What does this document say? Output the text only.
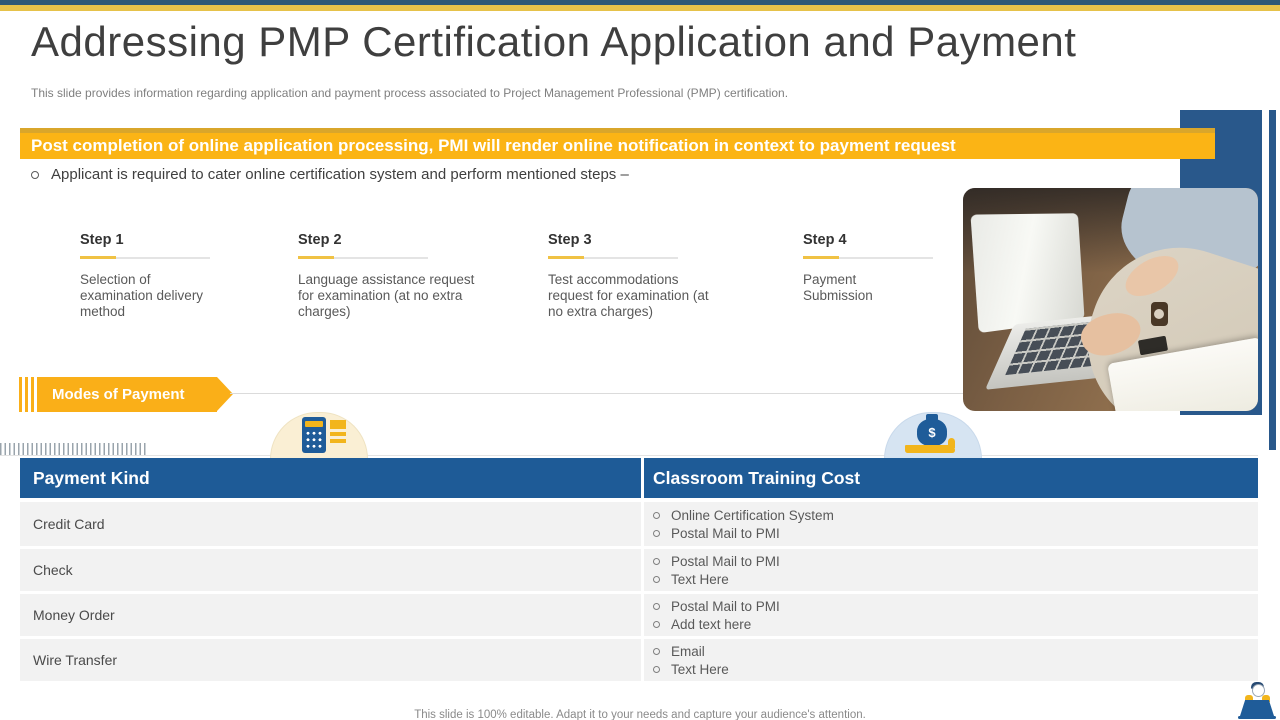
Addressing PMP Certification Application and Payment

This slide provides information regarding application and payment process associated to Project Management Professional (PMP) certification.

Post completion of online application processing, PMI will render online notification in context to payment request
Applicant is required to cater online certification system and perform mentioned steps –
Step 1
Selection of examination delivery method
Step 2
Language assistance request for examination (at no extra charges)
Step 3
Test accommodations request for examination (at no extra charges)
Step 4
Payment Submission
Modes of Payment
$
Payment Kind	Classroom Training Cost
Credit Card
Online Certification System
Postal Mail to PMI
Check
Postal Mail to PMI
Text Here
Money Order
Postal Mail to PMI
Add text here
Wire Transfer
Email
Text Here

This slide is 100% editable. Adapt it to your needs and capture your audience's attention.
